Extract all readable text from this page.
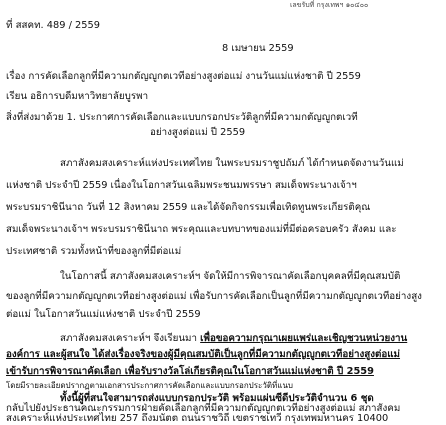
เลขรับที่ กรุงเทพฯ ๑๐๔๐๐
ที่ สสคท. 489 / 2559
8 เมษายน 2559
เรื่อง การคัดเลือกลูกที่มีความกตัญญูกตเวทีอย่างสูงต่อแม่ งานวันแม่แห่งชาติ ปี 2559
เรียน อธิการบดีมหาวิทยาลัยบูรพา
สิ่งที่ส่งมาด้วย 1. ประกาศการคัดเลือกและแบบกรอกประวัติลูกที่มีความกตัญญูกตเวที
อย่างสูงต่อแม่ ปี 2559
สภาสังคมสงเคราะห์แห่งประเทศไทย ในพระบรมราชูปถัมภ์ ได้กำหนดจัดงานวันแม่
แห่งชาติ ประจำปี 2559 เนื่องในโอกาสวันเฉลิมพระชนมพรรษา สมเด็จพระนางเจ้าฯ
พระบรมราชินีนาถ วันที่ 12 สิงหาคม 2559 และได้จัดกิจกรรมเพื่อเทิดทูนพระเกียรติคุณ
สมเด็จพระนางเจ้าฯ พระบรมราชินีนาถ พระคุณและบทบาทของแม่ที่มีต่อครอบครัว สังคม และ
ประเทศชาติ รวมทั้งหน้าที่ของลูกที่มีต่อแม่
ในโอกาสนี้ สภาสังคมสงเคราะห์ฯ จัดให้มีการพิจารณาคัดเลือกบุคคลที่มีคุณสมบัติ
ของลูกที่มีความกตัญญูกตเวทีอย่างสูงต่อแม่ เพื่อรับการคัดเลือกเป็นลูกที่มีความกตัญญูกตเวทีอย่างสูง
ต่อแม่ ในโอกาสวันแม่แห่งชาติ ประจำปี 2559
สภาสังคมสงเคราะห์ฯ จึงเรียนมา เพื่อขอความกรุณาเผยแพร่และเชิญชวนหน่วยงาน
องค์การ และผู้สนใจ ได้ส่งเรื่องจริงของผู้มีคุณสมบัติเป็นลูกที่มีความกตัญญูกตเวทีอย่างสูงต่อแม่
เข้ารับการพิจารณาคัดเลือก เพื่อรับรางวัลโล่เกียรติคุณในโอกาสวันแม่แห่งชาติ ปี 2559
โดยมีรายละเอียดปรากฏตามเอกสารประกาศการคัดเลือกและแบบกรอกประวัติที่แนบ
ทั้งนี้ผู้ที่สนใจสามารถส่งแบบกรอกประวัติ พร้อมแผ่นซีดีประวัติจำนวน 6 ชุด
กลับไปยังประธานคณะกรรมการฝ่ายคัดเลือกลูกที่มีความกตัญญูกตเวทีอย่างสูงต่อแม่ สภาสังคม
สงเคราะห์แห่งประเทศไทย 257 ถึงมนัตต ถนนราชวิถี เขตราชเทวี กรุงเทพมหานคร 10400
